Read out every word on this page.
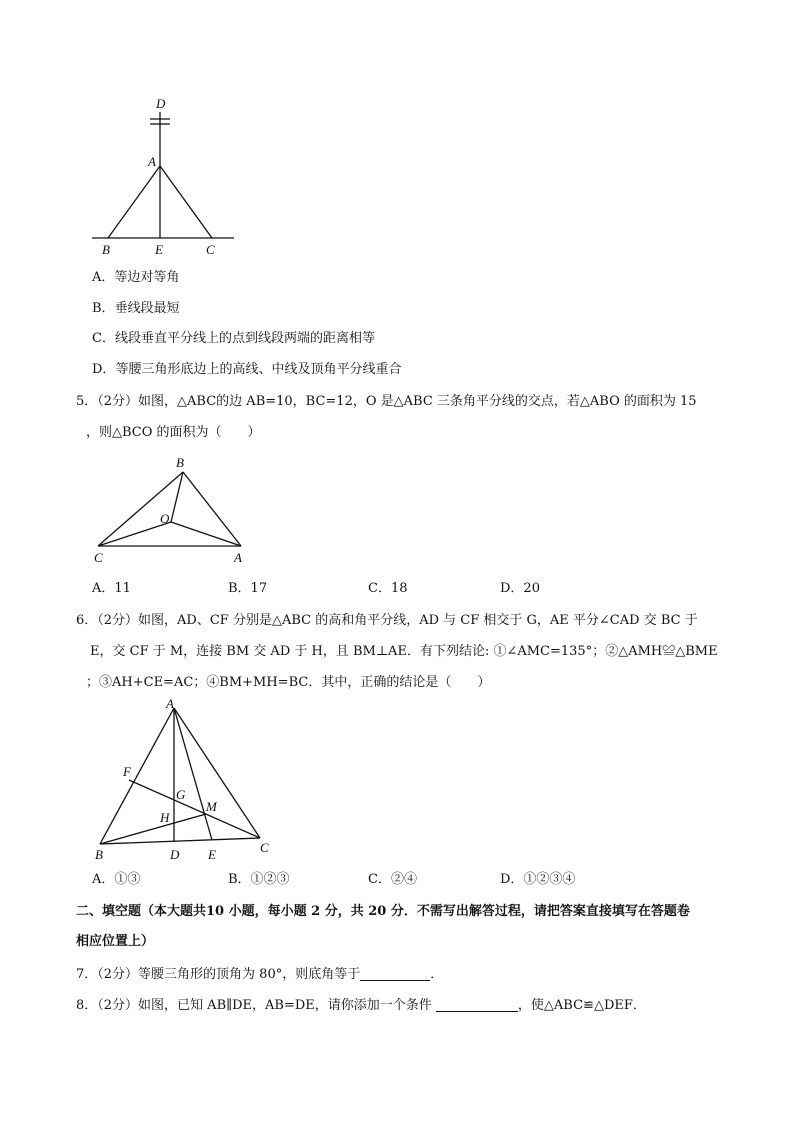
D
A
B	E	C
A．等边对等角
B．垂线段最短
C．线段垂直平分线上的点到线段两端的距离相等
D．等腰三角形底边上的高线、中线及顶角平分线重合
5．（2分）如图，△ABC的边 AB=10，BC=12，O 是△ABC 三条角平分线的交点，若△ABO 的面积为 15
，则△BCO 的面积为（　　）
B
O
C	A
A．11	B．17	C．18	D．20
6．（2分）如图，AD、CF 分别是△ABC 的高和角平分线，AD 与 CF 相交于 G，AE 平分∠CAD 交 BC 于
E，交 CF 于 M，连接 BM 交 AD 于 H，且 BM⊥AE．有下列结论: ①∠AMC=135°；②△AMH≌△BME
；③AH+CE=AC；④BM+MH=BC．其中，正确的结论是（　　）
A
F
G
M
H
B	D E	C
A．①③	B．①②③	C．②④	D．①②③④
二、填空题（本大题共10 小题，每小题 2 分，共 20 分．不需写出解答过程，请把答案直接填写在答题卷
相应位置上）
7．（2分）等腰三角形的顶角为 80°，则底角等于	．
8．（2分）如图，已知 AB∥DE，AB=DE，请你添加一个条件	，使△ABC≌△DEF．
